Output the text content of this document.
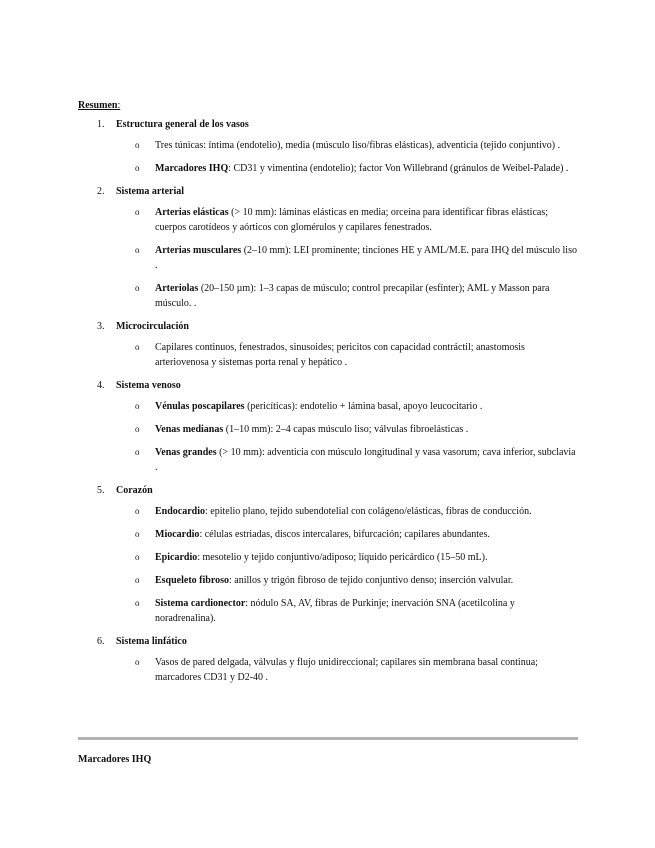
Resumen:
1. Estructura general de los vasos
o Tres túnicas: íntima (endotelio), media (músculo liso/fibras elásticas), adventicia (tejido conjuntivo) .
o Marcadores IHQ: CD31 y vimentina (endotelio); factor Von Willebrand (gránulos de Weibel-Palade) .
2. Sistema arterial
o Arterias elásticas (> 10 mm): láminas elásticas en media; orceína para identificar fibras elásticas; cuerpos carotídeos y aórticos con glomérulos y capilares fenestrados.
o Arterias musculares (2–10 mm): LEI prominente; tinciones HE y AML/M.E. para IHQ del músculo liso .
o Arteriolas (20–150 µm): 1–3 capas de músculo; control precapilar (esfínter); AML y Masson para músculo. .
3. Microcirculación
o Capilares continuos, fenestrados, sinusoides; pericitos con capacidad contráctil; anastomosis arteriovenosa y sistemas porta renal y hepático .
4. Sistema venoso
o Vénulas poscapilares (pericíticas): endotelio + lámina basal, apoyo leucocitario .
o Venas medianas (1–10 mm): 2–4 capas músculo liso; válvulas fibroelásticas .
o Venas grandes (> 10 mm): adventicia con músculo longitudinal y vasa vasorum; cava inferior, subclavia .
5. Corazón
o Endocardio: epitelio plano, tejido subendotelial con colágeno/elásticas, fibras de conducción.
o Miocardio: células estriadas, discos intercalares, bifurcación; capilares abundantes.
o Epicardio: mesotelio y tejido conjuntivo/adiposo; líquido pericárdico (15–50 mL).
o Esqueleto fibroso: anillos y trigón fibroso de tejido conjuntivo denso; inserción valvular.
o Sistema cardionector: nódulo SA, AV, fibras de Purkinje; inervación SNA (acetilcolina y noradrenalina).
6. Sistema linfático
o Vasos de pared delgada, válvulas y flujo unidireccional; capilares sin membrana basal continua; marcadores CD31 y D2-40 .
Marcadores IHQ
